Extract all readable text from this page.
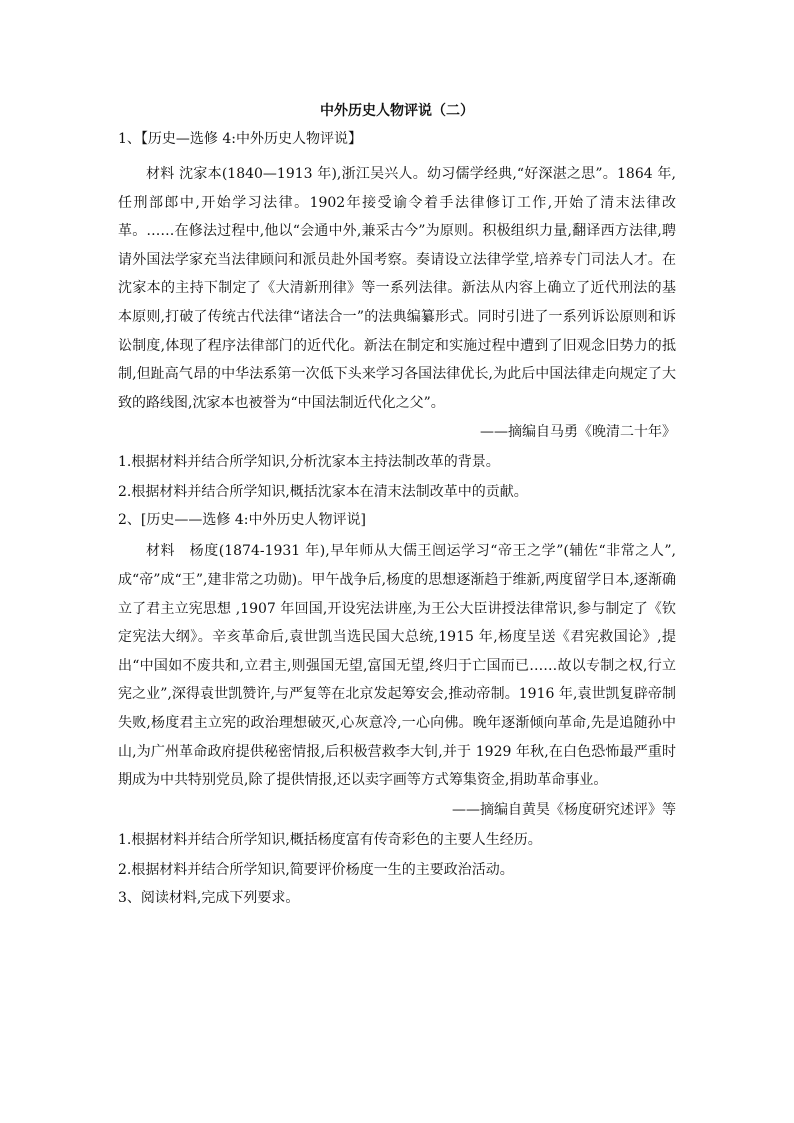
中外历史人物评说（二）

1、【历史—选修 4:中外历史人物评说】

材料 沈家本(1840—1913 年),浙江吴兴人。幼习儒学经典,“好深湛之思”。1864 年,任刑部郎中,开始学习法律。1902年接受谕令着手法律修订工作,开始了清末法律改革。……在修法过程中,他以“会通中外,兼采古今”为原则。积极组织力量,翻译西方法律,聘请外国法学家充当法律顾问和派员赴外国考察。奏请设立法律学堂,培养专门司法人才。在沈家本的主持下制定了《大清新刑律》等一系列法律。新法从内容上确立了近代刑法的基本原则,打破了传统古代法律“诸法合一”的法典编纂形式。同时引进了一系列诉讼原则和诉讼制度,体现了程序法律部门的近代化。新法在制定和实施过程中遭到了旧观念旧势力的抵制,但趾高气昂的中华法系第一次低下头来学习各国法律优长,为此后中国法律走向规定了大致的路线图,沈家本也被誉为“中国法制近代化之父”。

——摘编自马勇《晚清二十年》

1.根据材料并结合所学知识,分析沈家本主持法制改革的背景。

2.根据材料并结合所学知识,概括沈家本在清末法制改革中的贡献。

2、[历史——选修 4:中外历史人物评说]

材料　杨度(1874-1931 年),早年师从大儒王闿运学习“帝王之学”(辅佐“非常之人”,成“帝”成“王”,建非常之功勋)。甲午战争后,杨度的思想逐渐趋于维新,两度留学日本,逐渐确立了君主立宪思想 ,1907 年回国,开设宪法讲座,为王公大臣讲授法律常识,参与制定了《钦定宪法大纲》。辛亥革命后,袁世凯当选民国大总统,1915 年,杨度呈送《君宪救国论》,提出“中国如不废共和,立君主,则强国无望,富国无望,终归于亡国而已……故以专制之权,行立宪之业”,深得袁世凯赞许,与严复等在北京发起筹安会,推动帝制。1916 年,袁世凯复辟帝制失败,杨度君主立宪的政治理想破灭,心灰意冷,一心向佛。晚年逐渐倾向革命,先是追随孙中山,为广州革命政府提供秘密情报,后积极营救李大钊,并于 1929 年秋,在白色恐怖最严重时期成为中共特别党员,除了提供情报,还以卖字画等方式筹集资金,捐助革命事业。

——摘编自黄昊《杨度研究述评》等

1.根据材料并结合所学知识,概括杨度富有传奇彩色的主要人生经历。

2.根据材料并结合所学知识,简要评价杨度一生的主要政治活动。

3、阅读材料,完成下列要求。
